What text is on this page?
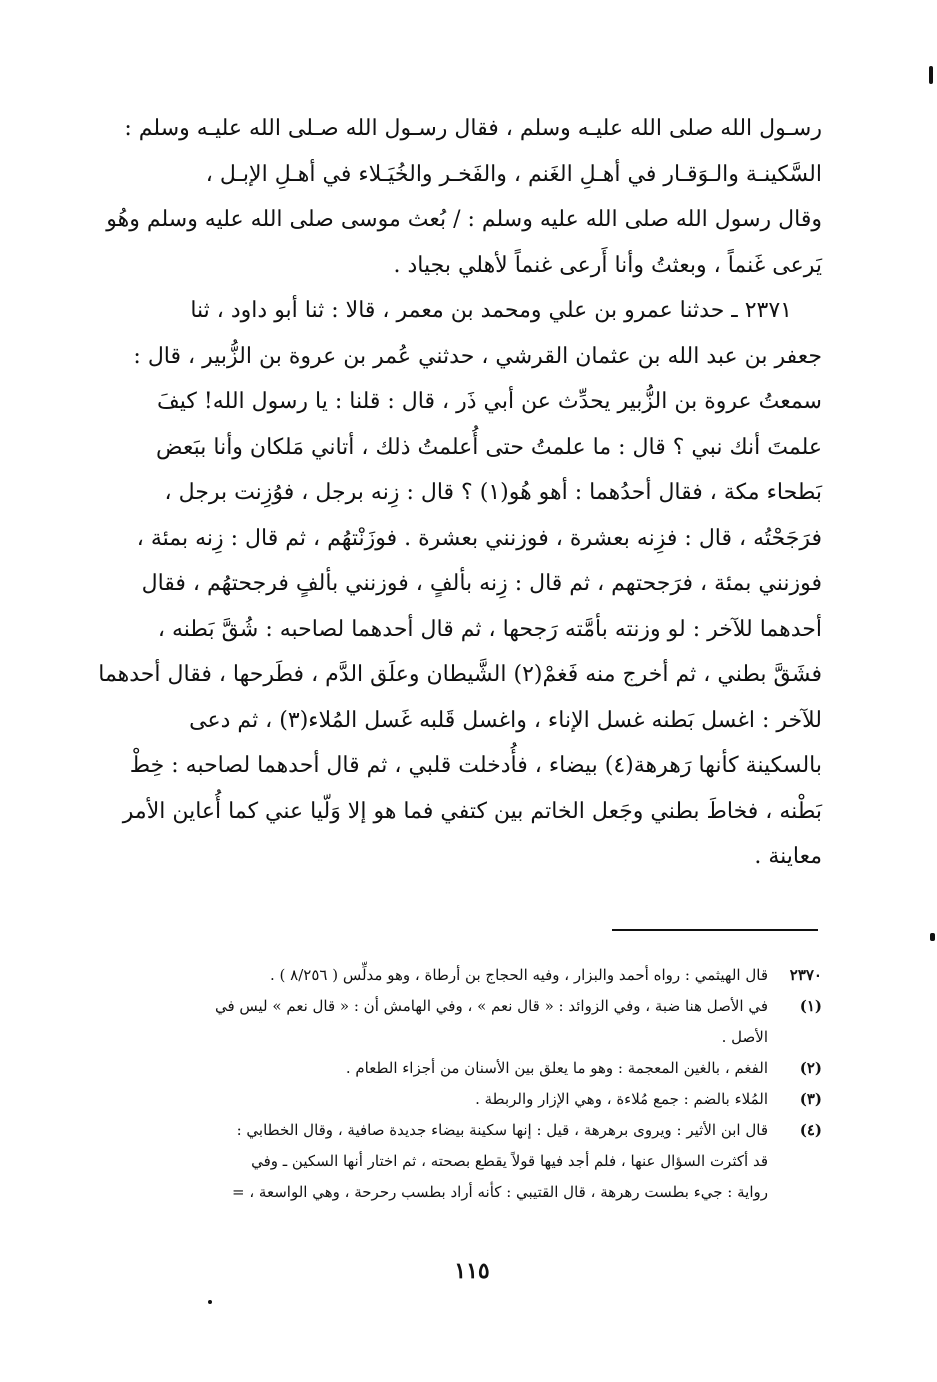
رسـول الله صلى الله عليـه وسلم ، فقال رسـول الله صـلى الله عليـه وسلم :
السَّكينـة والـوَقـار في أهـلِ الغَنم ، والفَخـر والخُيَـلاء في أهـلِ الإبـل ،
وقال رسول الله صلى الله عليه وسلم : / بُعث موسى صلى الله عليه وسلم وهُو
يَرعى غَنماً ، وبعثتُ وأنا أَرعى غنماً لأهلي بجياد .
٢٣٧١ ـ حدثنا عمرو بن علي ومحمد بن معمر ، قالا : ثنا أبو داود ، ثنا
جعفر بن عبد الله بن عثمان القرشي ، حدثني عُمر بن عروة بن الزُّبير ، قال :
سمعتُ عروة بن الزُّبير يحدِّث عن أبي ذَر ، قال : قلنا : يا رسول الله! كيفَ
علمتَ أنك نبي ؟ قال : ما علمتُ حتى أُعلمتُ ذلك ، أتاني مَلكان وأنا ببَعض
بَطحاء مكة ، فقال أحدُهما : أهو هُو(١) ؟ قال : زِنه برجل ، فوُزِنت برجل ،
فرَجَحْتُه ، قال : فزِنه بعشرة ، فوزنني بعشرة . فوزَنْتهُم ، ثم قال : زِنه بمئة ،
فوزنني بمئة ، فرَجحتهم ، ثم قال : زِنه بألفٍ ، فوزنني بألفٍ فرجحتهُم ، فقال
أحدهما للآخر : لو وزنته بأمَّته رَجحها ، ثم قال أحدهما لصاحبه : شُقَّ بَطنه ،
فشَقَّ بطني ، ثم أخرج منه فَغمْ(٢) الشَّيطان وعلَق الدَّم ، فطَرحها ، فقال أحدهما
للآخر : اغسل بَطنه غسل الإناء ، واغسل قَلبه غَسل المُلاء(٣) ، ثم دعى
بالسكينة كأنها رَهرهة(٤) بيضاء ، فأُدخلت قلبي ، ثم قال أحدهما لصاحبه : خِطْ
بَطْنه ، فخاطَ بطني وجَعل الخاتم بين كتفي فما هو إلا وَلّيا عني كما أُعاين الأمر
معاينة .
٢٣٧٠
قال الهيثمي : رواه أحمد والبزار ، وفيه الحجاج بن أرطاة ، وهو مدلِّس ( ٨/٢٥٦ ) .
(١)
في الأصل هنا ضبة ، وفي الزوائد : « قال نعم » ، وفي الهامش أن : « قال نعم » ليس في
الأصل .
(٢)
الفغم ، بالغين المعجمة : وهو ما يعلق بين الأسنان من أجزاء الطعام .
(٣)
المُلاء بالضم : جمع مُلاءة ، وهي الإزار والربطة .
(٤)
قال ابن الأثير : ويروى برهرهة ، قيل : إنها سكينة بيضاء جديدة صافية ، وقال الخطابي :
قد أكثرت السؤال عنها ، فلم أجد فيها قولاً يقطع بصحته ، ثم اختار أنها السكين ـ وفي
رواية : جيء بطست رهرهة ، قال القتيبي : كأنه أراد بطسب رحرحة ، وهي الواسعة ، =
١١٥
